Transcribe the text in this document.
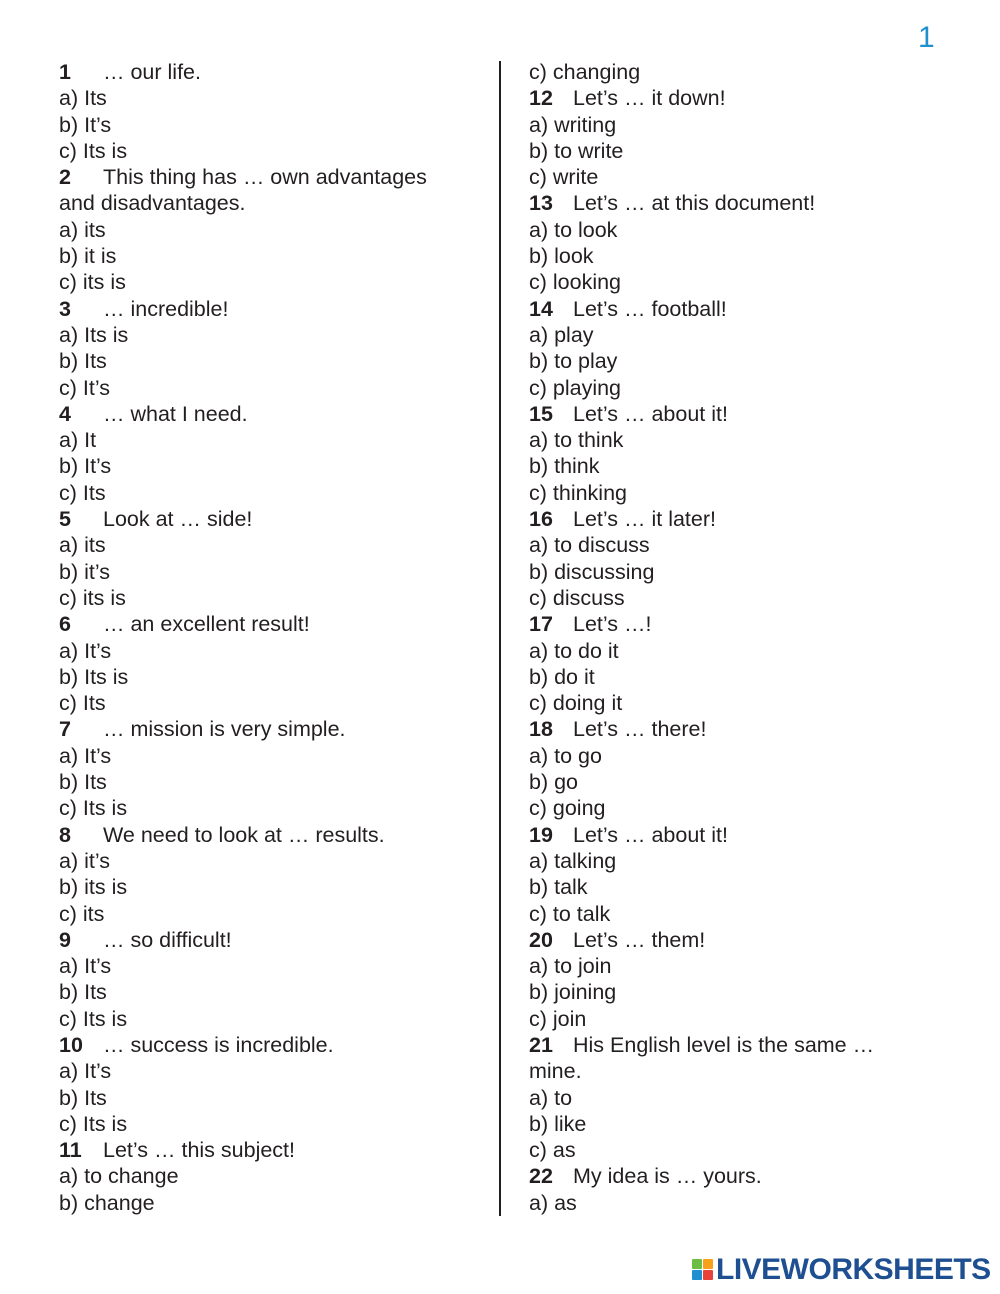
1
1 … our life.
a) Its
b) It’s
c) Its is
2 This thing has … own advantages
and disadvantages.
a) its
b) it is
c) its is
3 … incredible!
a) Its is
b) Its
c) It’s
4 … what I need.
a) It
b) It’s
c) Its
5 Look at … side!
a) its
b) it’s
c) its is
6 … an excellent result!
a) It’s
b) Its is
c) Its
7 … mission is very simple.
a) It’s
b) Its
c) Its is
8 We need to look at … results.
a) it’s
b) its is
c) its
9 … so difficult!
a) It’s
b) Its
c) Its is
10 … success is incredible.
a) It’s
b) Its
c) Its is
11 Let’s … this subject!
a) to change
b) change
c) changing
12 Let’s … it down!
a) writing
b) to write
c) write
13 Let’s … at this document!
a) to look
b) look
c) looking
14 Let’s … football!
a) play
b) to play
c) playing
15 Let’s … about it!
a) to think
b) think
c) thinking
16 Let’s … it later!
a) to discuss
b) discussing
c) discuss
17 Let’s …!
a) to do it
b) do it
c) doing it
18 Let’s … there!
a) to go
b) go
c) going
19 Let’s … about it!
a) talking
b) talk
c) to talk
20 Let’s … them!
a) to join
b) joining
c) join
21 His English level is the same …
mine.
a) to
b) like
c) as
22 My idea is … yours.
a) as
LIVEWORKSHEETS
